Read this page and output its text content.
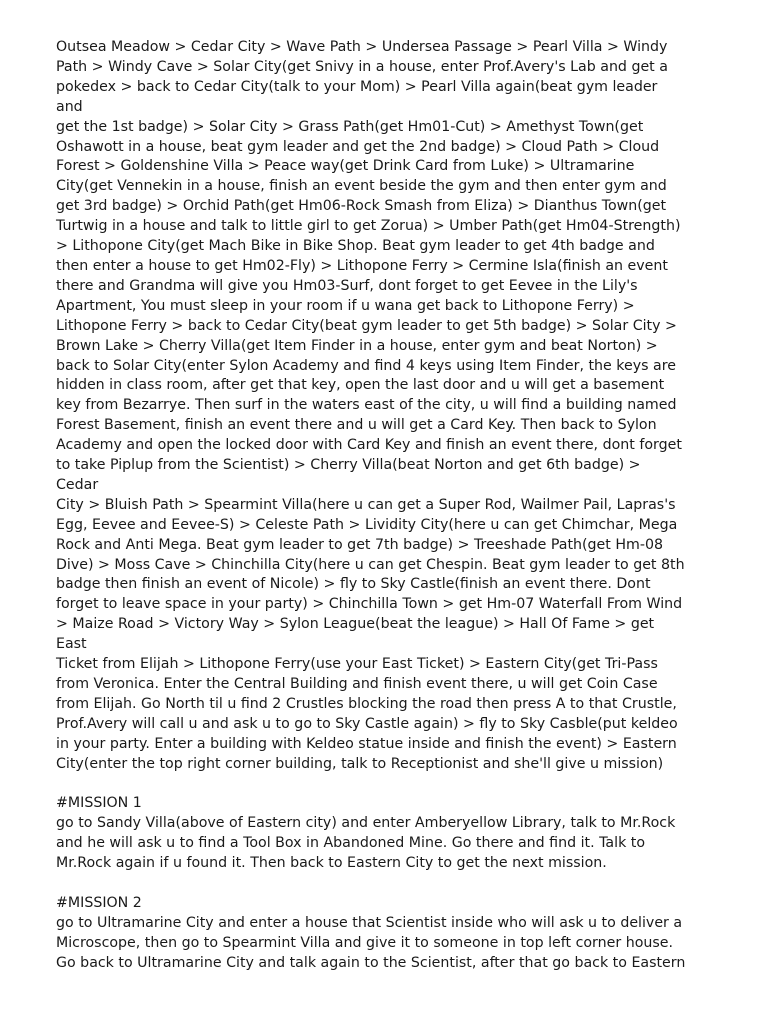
Outsea Meadow > Cedar City > Wave Path > Undersea Passage > Pearl Villa > Windy
Path > Windy Cave > Solar City(get Snivy in a house, enter Prof.Avery's Lab and get a
pokedex > back to Cedar City(talk to your Mom) > Pearl Villa again(beat gym leader and
get the 1st badge) > Solar City > Grass Path(get Hm01-Cut) > Amethyst Town(get
Oshawott in a house, beat gym leader and get the 2nd badge) > Cloud Path > Cloud
Forest > Goldenshine Villa > Peace way(get Drink Card from Luke) > Ultramarine
City(get Vennekin in a house, finish an event beside the gym and then enter gym and
get 3rd badge) > Orchid Path(get Hm06-Rock Smash from Eliza) > Dianthus Town(get
Turtwig in a house and talk to little girl to get Zorua) > Umber Path(get Hm04-Strength)
> Lithopone City(get Mach Bike in Bike Shop. Beat gym leader to get 4th badge and
then enter a house to get Hm02-Fly) > Lithopone Ferry > Cermine Isla(finish an event
there and Grandma will give you Hm03-Surf, dont forget to get Eevee in the Lily's
Apartment, You must sleep in your room if u wana get back to Lithopone Ferry) >
Lithopone Ferry > back to Cedar City(beat gym leader to get 5th badge) > Solar City >
Brown Lake > Cherry Villa(get Item Finder in a house, enter gym and beat Norton) >
back to Solar City(enter Sylon Academy and find 4 keys using Item Finder, the keys are
hidden in class room, after get that key, open the last door and u will get a basement
key from Bezarrye. Then surf in the waters east of the city, u will find a building named
Forest Basement, finish an event there and u will get a Card Key. Then back to Sylon
Academy and open the locked door with Card Key and finish an event there, dont forget
to take Piplup from the Scientist) > Cherry Villa(beat Norton and get 6th badge) > Cedar
City > Bluish Path > Spearmint Villa(here u can get a Super Rod, Wailmer Pail, Lapras's
Egg, Eevee and Eevee-S) > Celeste Path > Lividity City(here u can get Chimchar, Mega
Rock and Anti Mega. Beat gym leader to get 7th badge) > Treeshade Path(get Hm-08
Dive) > Moss Cave > Chinchilla City(here u can get Chespin. Beat gym leader to get 8th
badge then finish an event of Nicole) > fly to Sky Castle(finish an event there. Dont
forget to leave space in your party) > Chinchilla Town > get Hm-07 Waterfall From Wind
> Maize Road > Victory Way > Sylon League(beat the league) > Hall Of Fame > get East
Ticket from Elijah > Lithopone Ferry(use your East Ticket) > Eastern City(get Tri-Pass
from Veronica. Enter the Central Building and finish event there, u will get Coin Case
from Elijah. Go North til u find 2 Crustles blocking the road then press A to that Crustle,
Prof.Avery will call u and ask u to go to Sky Castle again) > fly to Sky Casble(put keldeo
in your party. Enter a building with Keldeo statue inside and finish the event) > Eastern
City(enter the top right corner building, talk to Receptionist and she'll give u mission)

#MISSION 1

go to Sandy Villa(above of Eastern city) and enter Amberyellow Library, talk to Mr.Rock
and he will ask u to find a Tool Box in Abandoned Mine. Go there and find it. Talk to
Mr.Rock again if u found it. Then back to Eastern City to get the next mission.

#MISSION 2

go to Ultramarine City and enter a house that Scientist inside who will ask u to deliver a
Microscope, then go to Spearmint Villa and give it to someone in top left corner house.
Go back to Ultramarine City and talk again to the Scientist, after that go back to Eastern
